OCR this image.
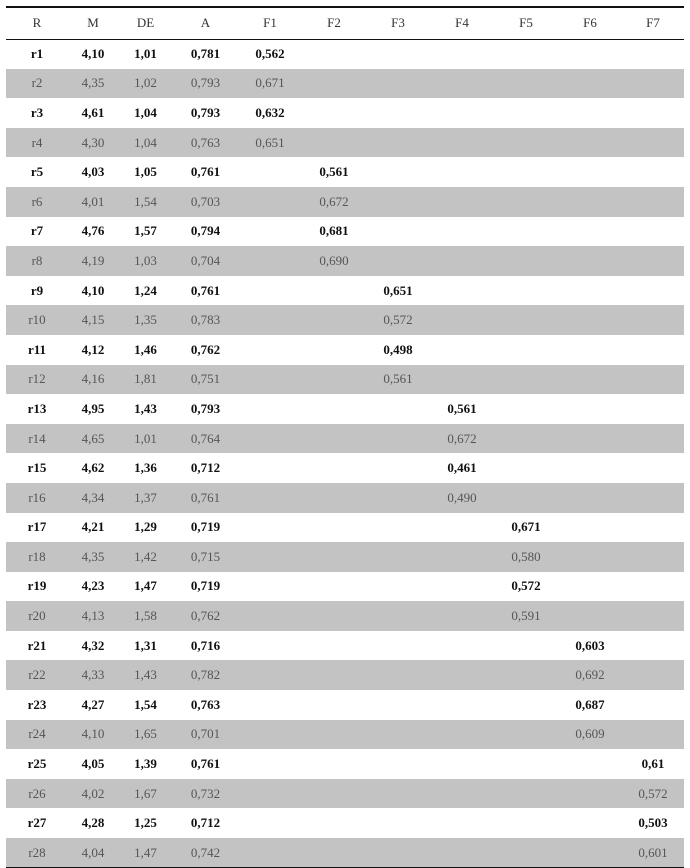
R	M	DE	A	F1	F2	F3	F4	F5	F6	F7
r1	4,10	1,01	0,781	0,562						
r2	4,35	1,02	0,793	0,671						
r3	4,61	1,04	0,793	0,632						
r4	4,30	1,04	0,763	0,651						
r5	4,03	1,05	0,761		0,561					
r6	4,01	1,54	0,703		0,672					
r7	4,76	1,57	0,794		0,681					
r8	4,19	1,03	0,704		0,690					
r9	4,10	1,24	0,761			0,651				
r10	4,15	1,35	0,783			0,572				
r11	4,12	1,46	0,762			0,498				
r12	4,16	1,81	0,751			0,561				
r13	4,95	1,43	0,793				0,561			
r14	4,65	1,01	0,764				0,672			
r15	4,62	1,36	0,712				0,461			
r16	4,34	1,37	0,761				0,490			
r17	4,21	1,29	0,719					0,671		
r18	4,35	1,42	0,715					0,580		
r19	4,23	1,47	0,719					0,572		
r20	4,13	1,58	0,762					0,591		
r21	4,32	1,31	0,716						0,603	
r22	4,33	1,43	0,782						0,692	
r23	4,27	1,54	0,763						0,687	
r24	4,10	1,65	0,701						0,609	
r25	4,05	1,39	0,761							0,61
r26	4,02	1,67	0,732							0,572
r27	4,28	1,25	0,712							0,503
r28	4,04	1,47	0,742							0,601
